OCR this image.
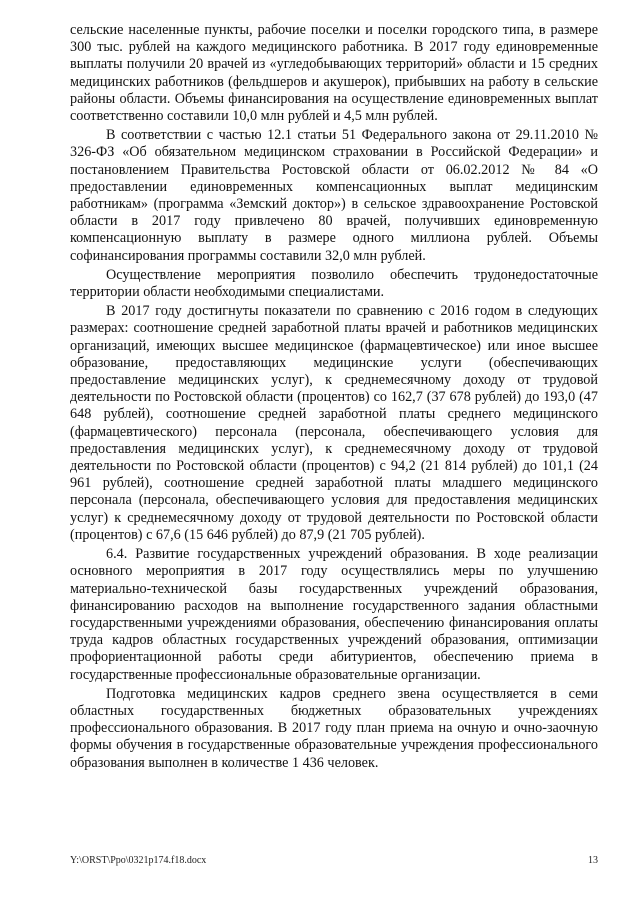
сельские населенные пункты, рабочие поселки и поселки городского типа, в размере 300 тыс. рублей на каждого медицинского работника. В 2017 году единовременные выплаты получили 20 врачей из «угледобывающих территорий» области и 15 средних медицинских работников (фельдшеров и акушерок), прибывших на работу в сельские районы области. Объемы финансирования на осуществление единовременных выплат соответственно составили 10,0 млн рублей и 4,5 млн рублей.

В соответствии с частью 12.1 статьи 51 Федерального закона от 29.11.2010 № 326-ФЗ «Об обязательном медицинском страховании в Российской Федерации» и постановлением Правительства Ростовской области от 06.02.2012 № 84 «О предоставлении единовременных компенсационных выплат медицинским работникам» (программа «Земский доктор») в сельское здравоохранение Ростовской области в 2017 году привлечено 80 врачей, получивших единовременную компенсационную выплату в размере одного миллиона рублей. Объемы софинансирования программы составили 32,0 млн рублей.

Осуществление мероприятия позволило обеспечить трудонедостаточные территории области необходимыми специалистами.

В 2017 году достигнуты показатели по сравнению с 2016 годом в следующих размерах: соотношение средней заработной платы врачей и работников медицинских организаций, имеющих высшее медицинское (фармацевтическое) или иное высшее образование, предоставляющих медицинские услуги (обеспечивающих предоставление медицинских услуг), к среднемесячному доходу от трудовой деятельности по Ростовской области (процентов) со 162,7 (37 678 рублей) до 193,0 (47 648 рублей), соотношение средней заработной платы среднего медицинского (фармацевтического) персонала (персонала, обеспечивающего условия для предоставления медицинских услуг), к среднемесячному доходу от трудовой деятельности по Ростовской области (процентов) с 94,2 (21 814 рублей) до 101,1 (24 961 рублей), соотношение средней заработной платы младшего медицинского персонала (персонала, обеспечивающего условия для предоставления медицинских услуг) к среднемесячному доходу от трудовой деятельности по Ростовской области (процентов) с 67,6 (15 646 рублей) до 87,9 (21 705 рублей).

6.4. Развитие государственных учреждений образования. В ходе реализации основного мероприятия в 2017 году осуществлялись меры по улучшению материально-технической базы государственных учреждений образования, финансированию расходов на выполнение государственного задания областными государственными учреждениями образования, обеспечению финансирования оплаты труда кадров областных государственных учреждений образования, оптимизации профориентационной работы среди абитуриентов, обеспечению приема в государственные профессиональные образовательные организации.

Подготовка медицинских кадров среднего звена осуществляется в семи областных государственных бюджетных образовательных учреждениях профессионального образования. В 2017 году план приема на очную и очно-заочную формы обучения в государственные образовательные учреждения профессионального образования выполнен в количестве 1 436 человек.

Y:\ORST\Ppo\0321p174.f18.docx	13
